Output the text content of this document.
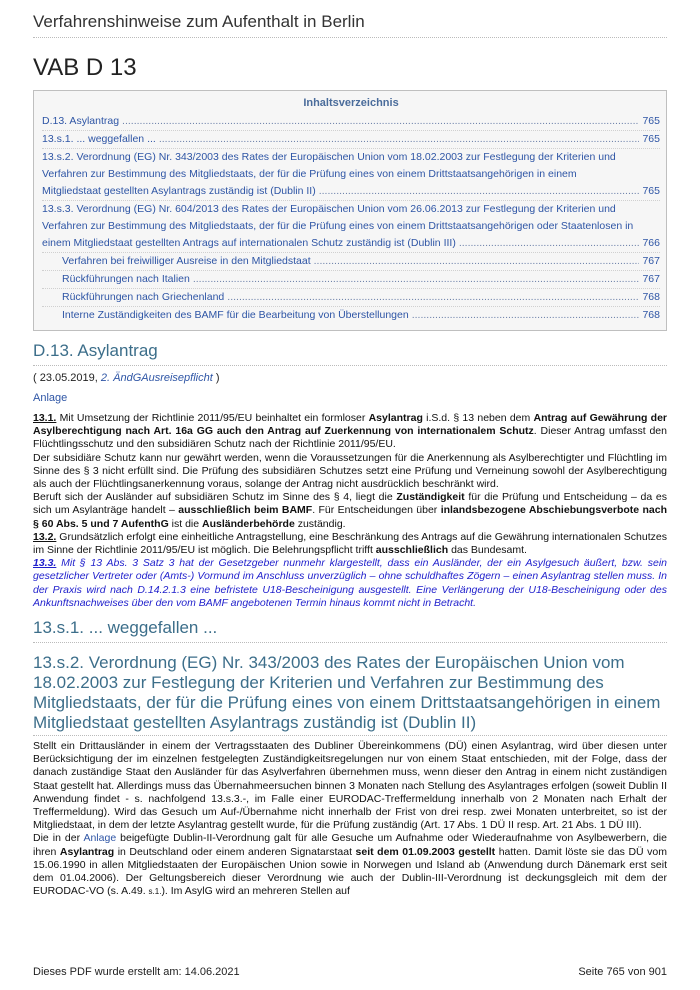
Verfahrenshinweise zum Aufenthalt in Berlin
VAB D 13
Inhaltsverzeichnis
D.13. Asylantrag .....	765
13.s.1. ... weggefallen ... .....	765
13.s.2. Verordnung (EG) Nr. 343/2003 des Rates der Europäischen Union vom 18.02.2003 zur Festlegung der Kriterien und
Verfahren zur Bestimmung des Mitgliedstaats, der für die Prüfung eines von einem Drittstaatsangehörigen in einem
Mitgliedstaat gestellten Asylantrags zuständig ist (Dublin II) .....	765
13.s.3. Verordnung (EG) Nr. 604/2013 des Rates der Europäischen Union vom 26.06.2013 zur Festlegung der Kriterien und
Verfahren zur Bestimmung des Mitgliedstaats, der für die Prüfung eines von einem Drittstaatsangehörigen oder Staatenlosen in
einem Mitgliedstaat gestellten Antrags auf internationalen Schutz zuständig ist (Dublin III) .....	766
Verfahren bei freiwilliger Ausreise in den Mitgliedstaat .....	767
Rückführungen nach Italien .....	767
Rückführungen nach Griechenland .....	768
Interne Zuständigkeiten des BAMF für die Bearbeitung von Überstellungen .....	768
D.13. Asylantrag
( 23.05.2019, 2. ÄndGAusreisepflicht )
Anlage
13.1. Mit Umsetzung der Richtlinie 2011/95/EU beinhaltet ein formloser Asylantrag i.S.d. § 13 neben dem Antrag auf Gewährung der Asylberechtigung nach Art. 16a GG auch den Antrag auf Zuerkennung von internationalem Schutz. Dieser Antrag umfasst den Flüchtlingsschutz und den subsidiären Schutz nach der Richtlinie 2011/95/EU.
Der subsidiäre Schutz kann nur gewährt werden, wenn die Voraussetzungen für die Anerkennung als Asylberechtigter und Flüchtling im Sinne des § 3 nicht erfüllt sind. Die Prüfung des subsidiären Schutzes setzt eine Prüfung und Verneinung sowohl der Asylberechtigung als auch der Flüchtlingsanerkennung voraus, solange der Antrag nicht ausdrücklich beschränkt wird.
Beruft sich der Ausländer auf subsidiären Schutz im Sinne des § 4, liegt die Zuständigkeit für die Prüfung und Entscheidung – da es sich um Asylanträge handelt – ausschließlich beim BAMF. Für Entscheidungen über inlandsbezogene Abschiebungsverbote nach § 60 Abs. 5 und 7 AufenthG ist die Ausländerbehörde zuständig.
13.2. Grundsätzlich erfolgt eine einheitliche Antragstellung, eine Beschränkung des Antrags auf die Gewährung internationalen Schutzes im Sinne der Richtlinie 2011/95/EU ist möglich. Die Belehrungspflicht trifft ausschließlich das Bundesamt.
13.3. Mit § 13 Abs. 3 Satz 3 hat der Gesetzgeber nunmehr klargestellt, dass ein Ausländer, der ein Asylgesuch äußert, bzw. sein gesetzlicher Vertreter oder (Amts-) Vormund im Anschluss unverzüglich – ohne schuldhaftes Zögern – einen Asylantrag stellen muss. In der Praxis wird nach D.14.2.1.3 eine befristete U18-Bescheinigung ausgestellt. Eine Verlängerung der U18-Bescheinigung oder des Ankunftsnachweises über den vom BAMF angebotenen Termin hinaus kommt nicht in Betracht.
13.s.1. ... weggefallen ...
13.s.2. Verordnung (EG) Nr. 343/2003 des Rates der Europäischen Union vom 18.02.2003 zur Festlegung der Kriterien und Verfahren zur Bestimmung des Mitgliedstaats, der für die Prüfung eines von einem Drittstaatsangehörigen in einem Mitgliedstaat gestellten Asylantrags zuständig ist (Dublin II)
Stellt ein Drittausländer in einem der Vertragsstaaten des Dubliner Übereinkommens (DÜ) einen Asylantrag, wird über diesen unter Berücksichtigung der im einzelnen festgelegten Zuständigkeitsregelungen nur von einem Staat entschieden, mit der Folge, dass der danach zuständige Staat den Ausländer für das Asylverfahren übernehmen muss, wenn dieser den Antrag in einem nicht zuständigen Staat gestellt hat. Allerdings muss das Übernahmeersuchen binnen 3 Monaten nach Stellung des Asylantrages erfolgen (soweit Dublin II Anwendung findet - s. nachfolgend 13.s.3.-, im Falle einer EURODAC-Treffermeldung innerhalb von 2 Monaten nach Erhalt der Treffermeldung). Wird das Gesuch um Auf-/Übernahme nicht innerhalb der Frist von drei resp. zwei Monaten unterbreitet, so ist der Mitgliedstaat, in dem der letzte Asylantrag gestellt wurde, für die Prüfung zuständig (Art. 17 Abs. 1 DÜ II resp. Art. 21 Abs. 1 DÜ III).
Die in der Anlage beigefügte Dublin-II-Verordnung galt für alle Gesuche um Aufnahme oder Wiederaufnahme von Asylbewerbern, die ihren Asylantrag in Deutschland oder einem anderen Signatarstaat seit dem 01.09.2003 gestellt hatten. Damit löste sie das DÜ vom 15.06.1990 in allen Mitgliedstaaten der Europäischen Union sowie in Norwegen und Island ab (Anwendung durch Dänemark erst seit dem 01.04.2006). Der Geltungsbereich dieser Verordnung wie auch der Dublin-III-Verordnung ist deckungsgleich mit dem der EURODAC-VO (s. A.49. s.1.). Im AsylG wird an mehreren Stellen auf
Dieses PDF wurde erstellt am: 14.06.2021	Seite 765 von 901
